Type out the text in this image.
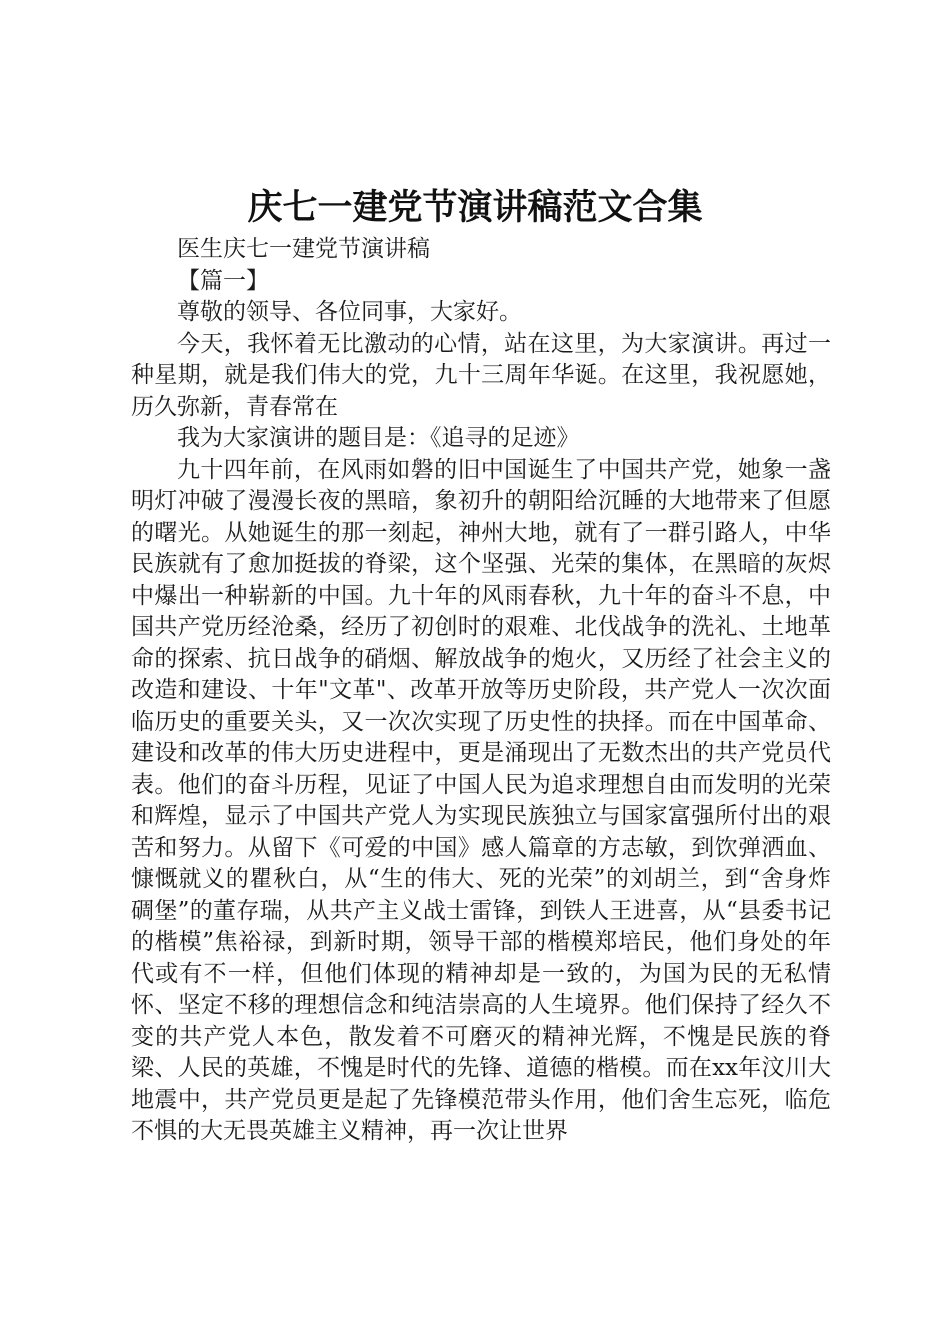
庆七一建党节演讲稿范文合集

医生庆七一建党节演讲稿

【篇一】

尊敬的领导、各位同事，大家好。

今天，我怀着无比激动的心情，站在这里，为大家演讲。再过一种星期，就是我们伟大的党，九十三周年华诞。在这里，我祝愿她，历久弥新，青春常在

我为大家演讲的题目是：《追寻的足迹》

九十四年前，在风雨如磐的旧中国诞生了中国共产党，她象一盏明灯冲破了漫漫长夜的黑暗，象初升的朝阳给沉睡的大地带来了但愿的曙光。从她诞生的那一刻起，神州大地，就有了一群引路人，中华民族就有了愈加挺拔的脊梁，这个坚强、光荣的集体，在黑暗的灰烬中爆出一种崭新的中国。九十年的风雨春秋，九十年的奋斗不息，中国共产党历经沧桑，经历了初创时的艰难、北伐战争的洗礼、土地革命的探索、抗日战争的硝烟、解放战争的炮火，又历经了社会主义的改造和建设、十年"文革"、改革开放等历史阶段，共产党人一次次面临历史的重要关头，又一次次实现了历史性的抉择。而在中国革命、建设和改革的伟大历史进程中，更是涌现出了无数杰出的共产党员代表。他们的奋斗历程，见证了中国人民为追求理想自由而发明的光荣和辉煌，显示了中国共产党人为实现民族独立与国家富强所付出的艰苦和努力。从留下《可爱的中国》感人篇章的方志敏，到饮弹洒血、慷慨就义的瞿秋白，从“生的伟大、死的光荣”的刘胡兰，到“舍身炸碉堡”的董存瑞，从共产主义战士雷锋，到铁人王进喜，从“县委书记的楷模”焦裕禄，到新时期，领导干部的楷模郑培民，他们身处的年代或有不一样，但他们体现的精神却是一致的，为国为民的无私情怀、坚定不移的理想信念和纯洁崇高的人生境界。他们保持了经久不变的共产党人本色，散发着不可磨灭的精神光辉，不愧是民族的脊梁、人民的英雄，不愧是时代的先锋、道德的楷模。而在xx年汶川大地震中，共产党员更是起了先锋模范带头作用，他们舍生忘死，临危不惧的大无畏英雄主义精神，再一次让世界
